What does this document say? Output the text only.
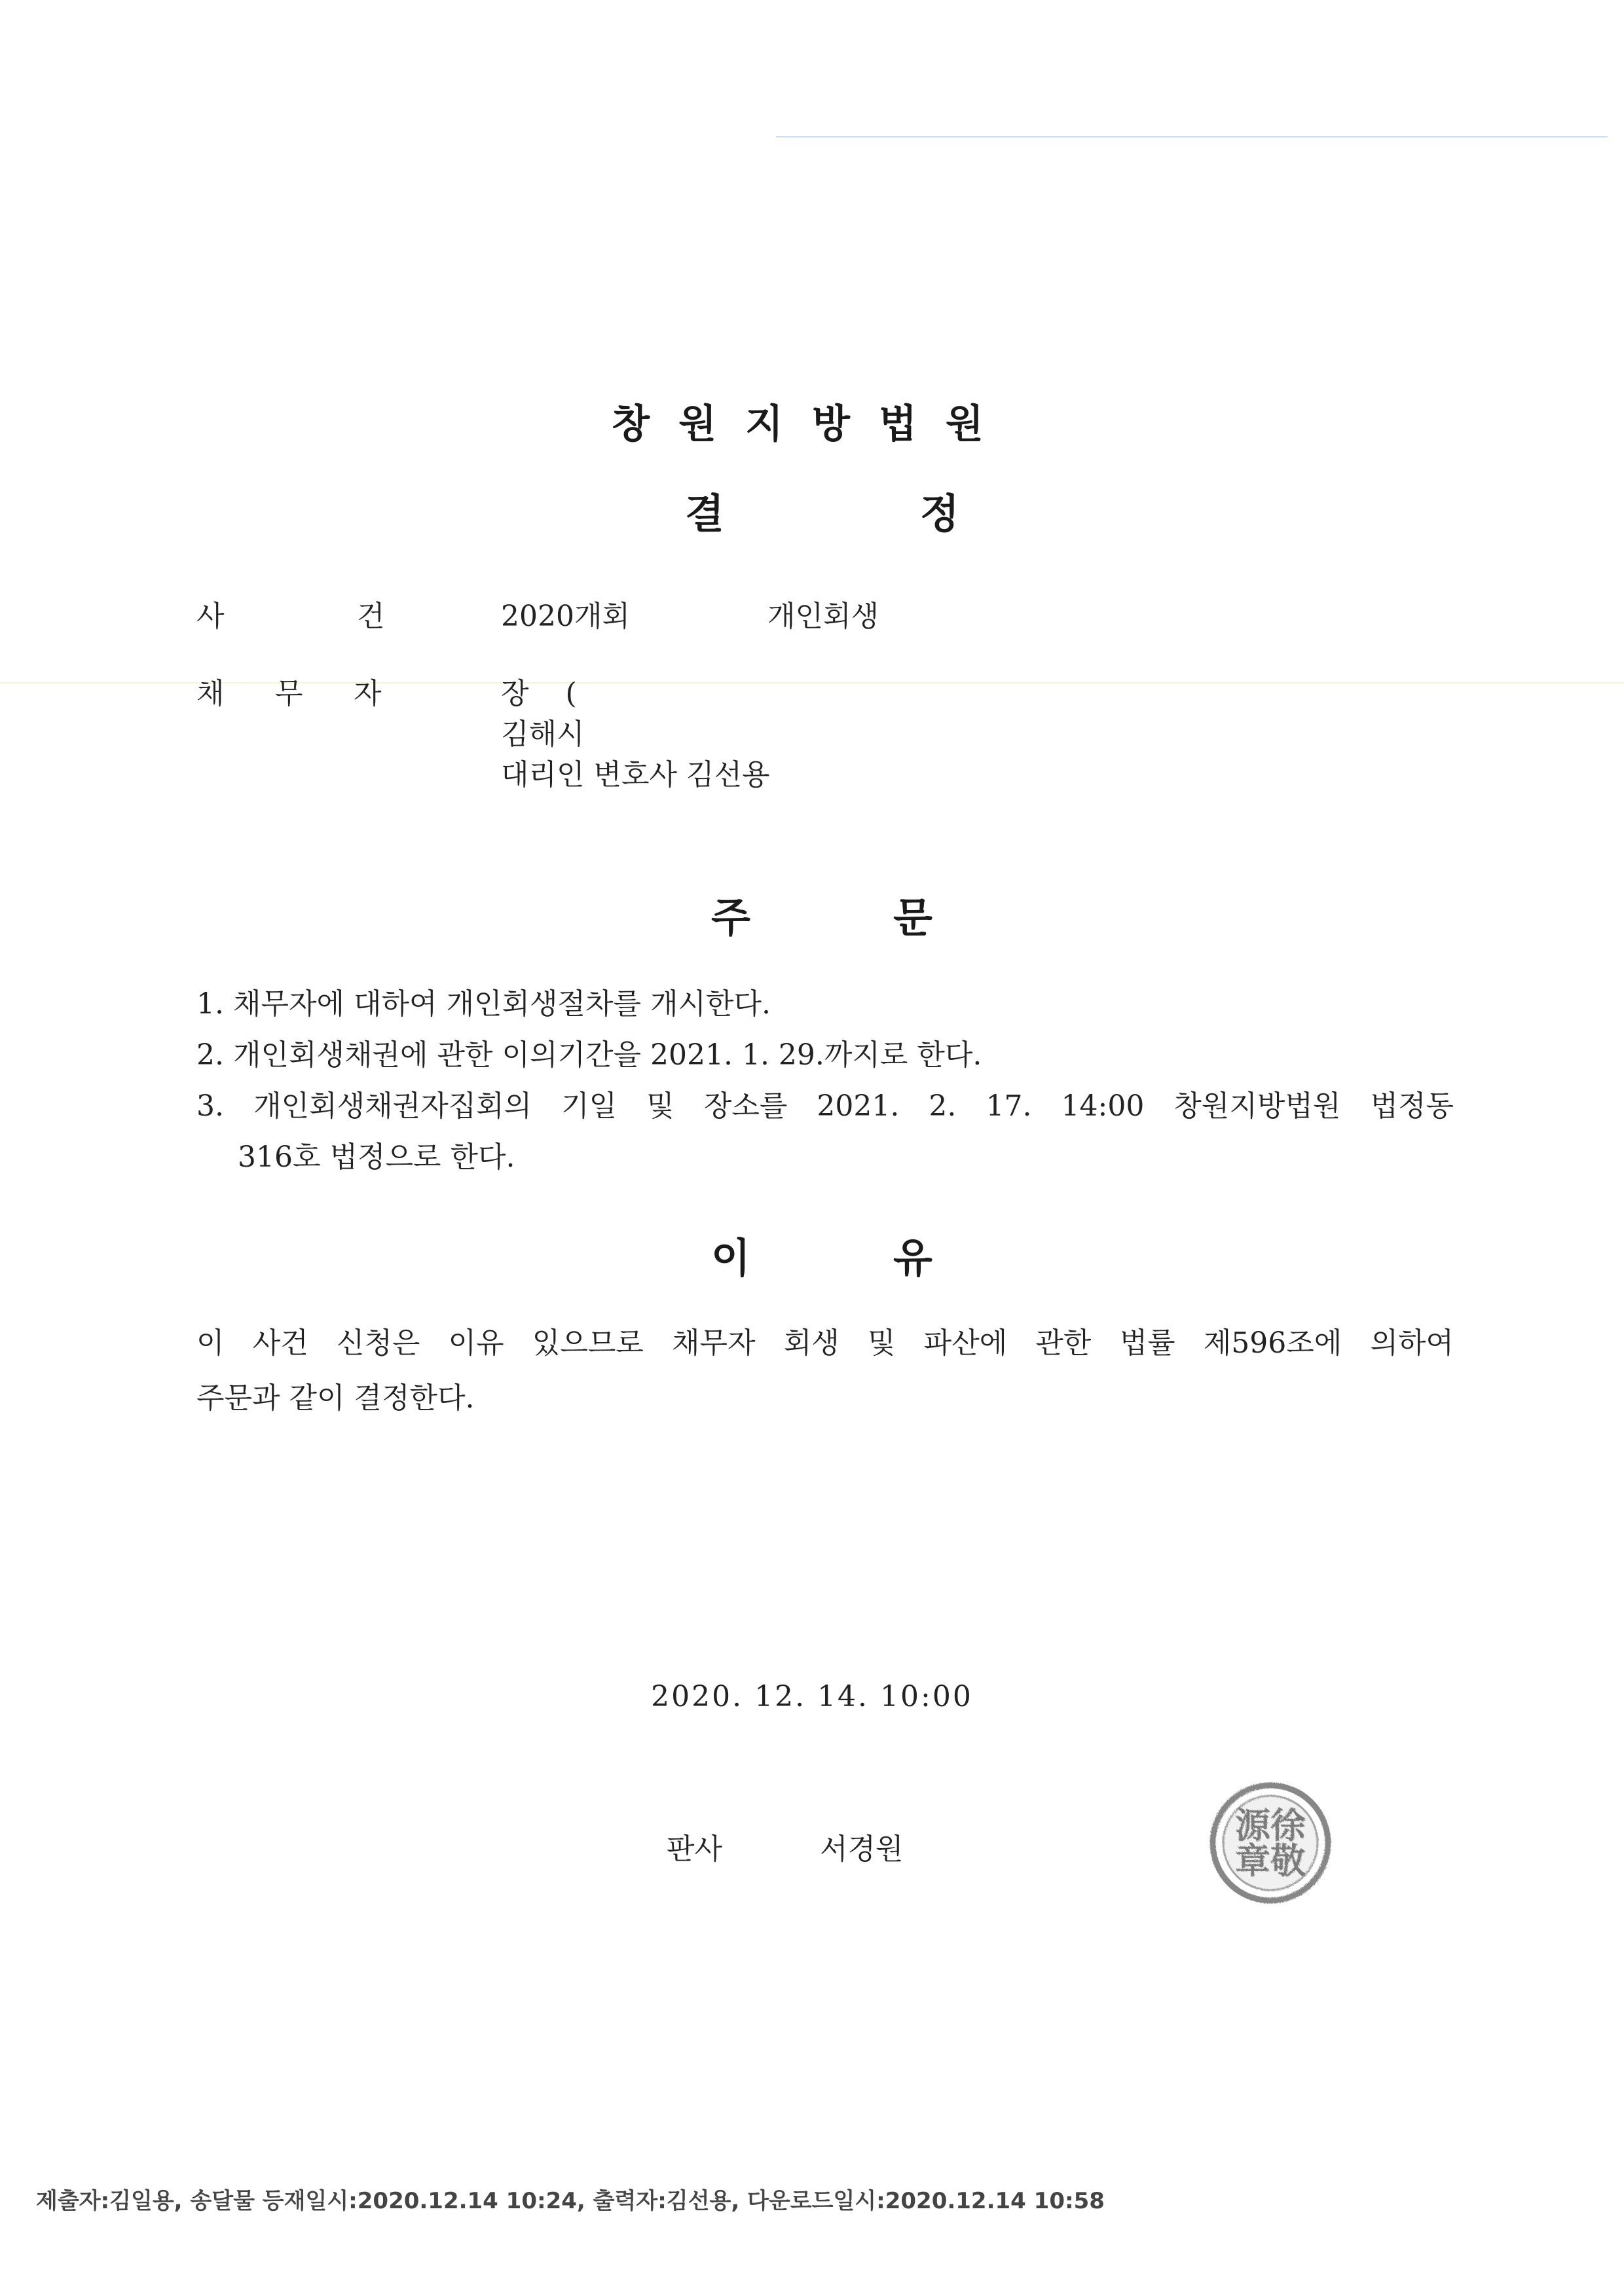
창원지방법원
결	정
사	건	2020개회	개인회생
채 무 자	장    (
김해시
대리인 변호사 김선용
주	문
1. 채무자에 대하여 개인회생절차를 개시한다.
2. 개인회생채권에 관한 이의기간을 2021. 1. 29.까지로 한다.
3. 개인회생채권자집회의 기일 및 장소를 2021. 2. 17. 14:00 창원지방법원 법정동
316호 법정으로 한다.
이	유
이 사건 신청은 이유 있으므로 채무자 회생 및 파산에 관한 법률 제596조에 의하여
주문과 같이 결정한다.
2020. 12. 14. 10:00
판사	서경원
源徐
章敬
제출자:김일용, 송달물 등재일시:2020.12.14 10:24, 출력자:김선용, 다운로드일시:2020.12.14 10:58
